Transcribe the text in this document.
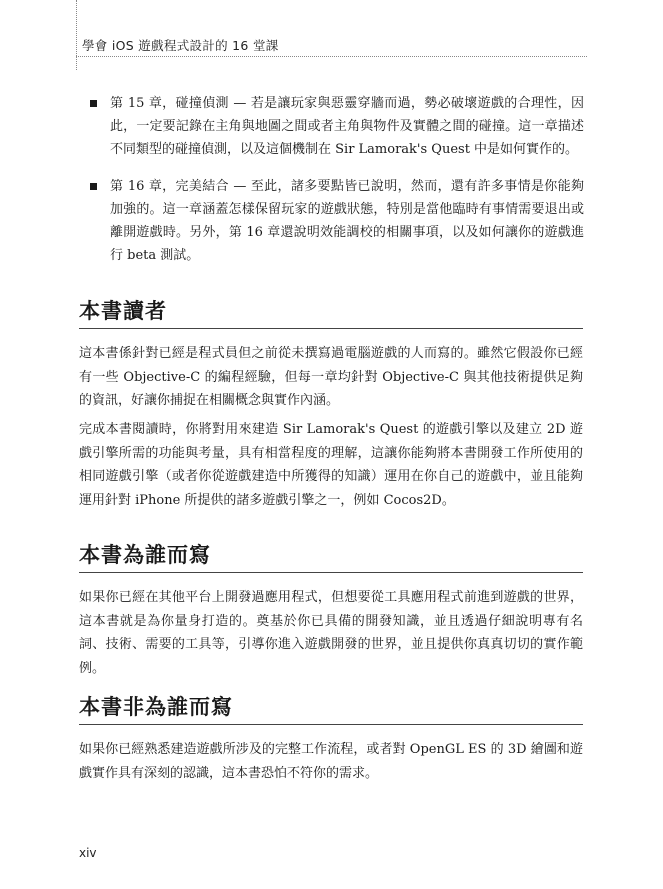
學會 iOS 遊戲程式設計的 16 堂課
第 15 章，碰撞偵測 — 若是讓玩家與惡靈穿牆而過，勢必破壞遊戲的合理性，因此，一定要記錄在主角與地圖之間或者主角與物件及實體之間的碰撞。這一章描述不同類型的碰撞偵測，以及這個機制在 Sir Lamorak's Quest 中是如何實作的。
第 16 章，完美結合 — 至此，諸多要點皆已說明，然而，還有許多事情是你能夠加強的。這一章涵蓋怎樣保留玩家的遊戲狀態，特別是當他臨時有事情需要退出或離開遊戲時。另外，第 16 章還說明效能調校的相關事項，以及如何讓你的遊戲進行 beta 測試。
本書讀者

這本書係針對已經是程式員但之前從未撰寫過電腦遊戲的人而寫的。雖然它假設你已經有一些 Objective-C 的編程經驗，但每一章均針對 Objective-C 與其他技術提供足夠的資訊，好讓你捕捉在相關概念與實作內涵。

完成本書閱讀時，你將對用來建造 Sir Lamorak's Quest 的遊戲引擎以及建立 2D 遊戲引擎所需的功能與考量，具有相當程度的理解，這讓你能夠將本書開發工作所使用的相同遊戲引擎（或者你從遊戲建造中所獲得的知識）運用在你自己的遊戲中，並且能夠運用針對 iPhone 所提供的諸多遊戲引擎之一，例如 Cocos2D。

本書為誰而寫

如果你已經在其他平台上開發過應用程式，但想要從工具應用程式前進到遊戲的世界，這本書就是為你量身打造的。奠基於你已具備的開發知識，並且透過仔細說明專有名詞、技術、需要的工具等，引導你進入遊戲開發的世界，並且提供你真真切切的實作範例。

本書非為誰而寫

如果你已經熟悉建造遊戲所涉及的完整工作流程，或者對 OpenGL ES 的 3D 繪圖和遊戲實作具有深刻的認識，這本書恐怕不符你的需求。

xiv
